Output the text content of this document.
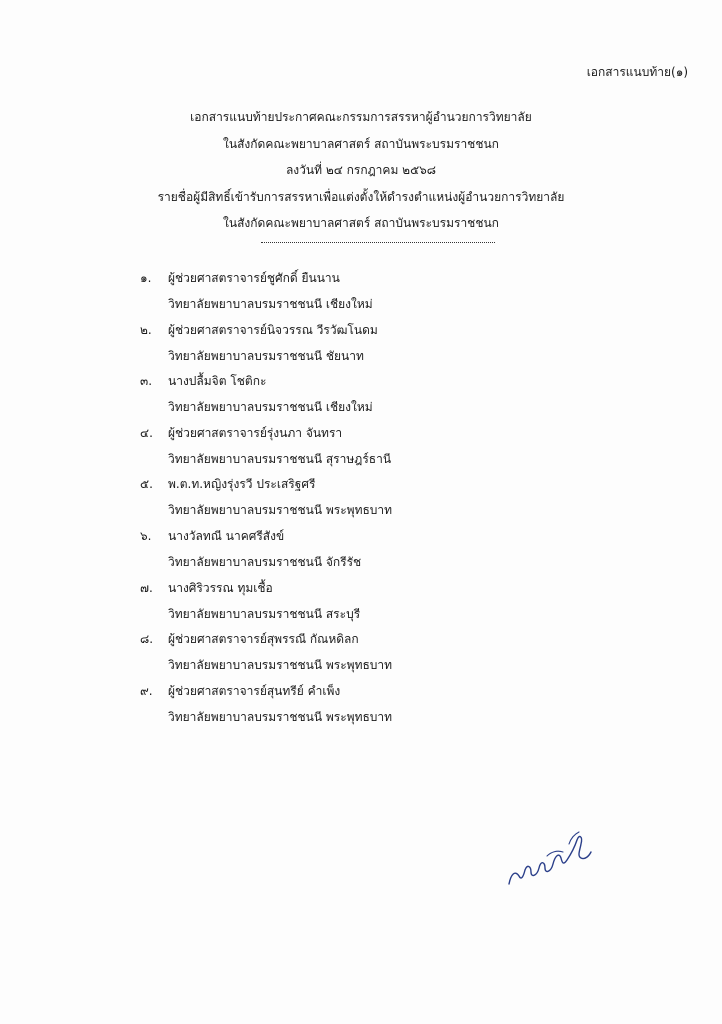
เอกสารแนบท้าย(๑)
เอกสารแนบท้ายประกาศคณะกรรมการสรรหาผู้อำนวยการวิทยาลัย
ในสังกัดคณะพยาบาลศาสตร์ สถาบันพระบรมราชชนก
ลงวันที่ ๒๔ กรกฎาคม ๒๕๖๘
รายชื่อผู้มีสิทธิ์เข้ารับการสรรหาเพื่อแต่งตั้งให้ดำรงตำแหน่งผู้อำนวยการวิทยาลัย
ในสังกัดคณะพยาบาลศาสตร์ สถาบันพระบรมราชชนก
๑.	ผู้ช่วยศาสตราจารย์ชูศักดิ์ ยืนนาน
วิทยาลัยพยาบาลบรมราชชนนี เชียงใหม่
๒.	ผู้ช่วยศาสตราจารย์นิจวรรณ วีรวัฒโนดม
วิทยาลัยพยาบาลบรมราชชนนี ชัยนาท
๓.	นางปลื้มจิต โชติกะ
วิทยาลัยพยาบาลบรมราชชนนี เชียงใหม่
๔.	ผู้ช่วยศาสตราจารย์รุ่งนภา จันทรา
วิทยาลัยพยาบาลบรมราชชนนี สุราษฎร์ธานี
๕.	พ.ต.ท.หญิงรุ่งรวี ประเสริฐศรี
วิทยาลัยพยาบาลบรมราชชนนี พระพุทธบาท
๖.	นางวัลทณี นาคศรีสังข์
วิทยาลัยพยาบาลบรมราชชนนี จักรีรัช
๗.	นางศิริวรรณ ทุมเชื้อ
วิทยาลัยพยาบาลบรมราชชนนี สระบุรี
๘.	ผู้ช่วยศาสตราจารย์สุพรรณี กัณหดิลก
วิทยาลัยพยาบาลบรมราชชนนี พระพุทธบาท
๙.	ผู้ช่วยศาสตราจารย์สุนทรีย์ คำเพ็ง
วิทยาลัยพยาบาลบรมราชชนนี พระพุทธบาท
